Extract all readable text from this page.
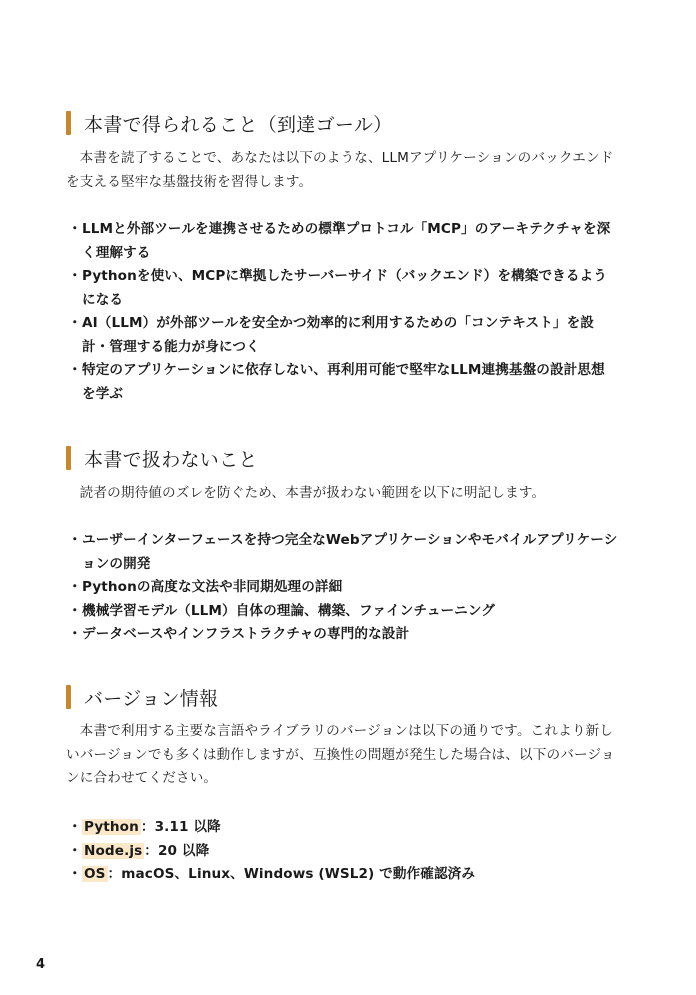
本書で得られること（到達ゴール）

本書を読了することで、あなたは以下のような、LLMアプリケーションのバックエンドを支える堅牢な基盤技術を習得します。

・ LLMと外部ツールを連携させるための標準プロトコル「MCP」のアーキテクチャを深く理解する
・ Pythonを使い、MCPに準拠したサーバーサイド（バックエンド）を構築できるようになる
・ AI（LLM）が外部ツールを安全かつ効率的に利用するための「コンテキスト」を設計・管理する能力が身につく
・ 特定のアプリケーションに依存しない、再利用可能で堅牢なLLM連携基盤の設計思想を学ぶ
本書で扱わないこと

読者の期待値のズレを防ぐため、本書が扱わない範囲を以下に明記します。

・ ユーザーインターフェースを持つ完全なWebアプリケーションやモバイルアプリケーションの開発
・ Pythonの高度な文法や非同期処理の詳細
・ 機械学習モデル（LLM）自体の理論、構築、ファインチューニング
・ データベースやインフラストラクチャの専門的な設計
バージョン情報

本書で利用する主要な言語やライブラリのバージョンは以下の通りです。これより新しいバージョンでも多くは動作しますが、互換性の問題が発生した場合は、以下のバージョンに合わせてください。

・ Python ：3.11 以降
・ Node.js ：20 以降
・ OS ：macOS、Linux、Windows (WSL2) で動作確認済み
4
